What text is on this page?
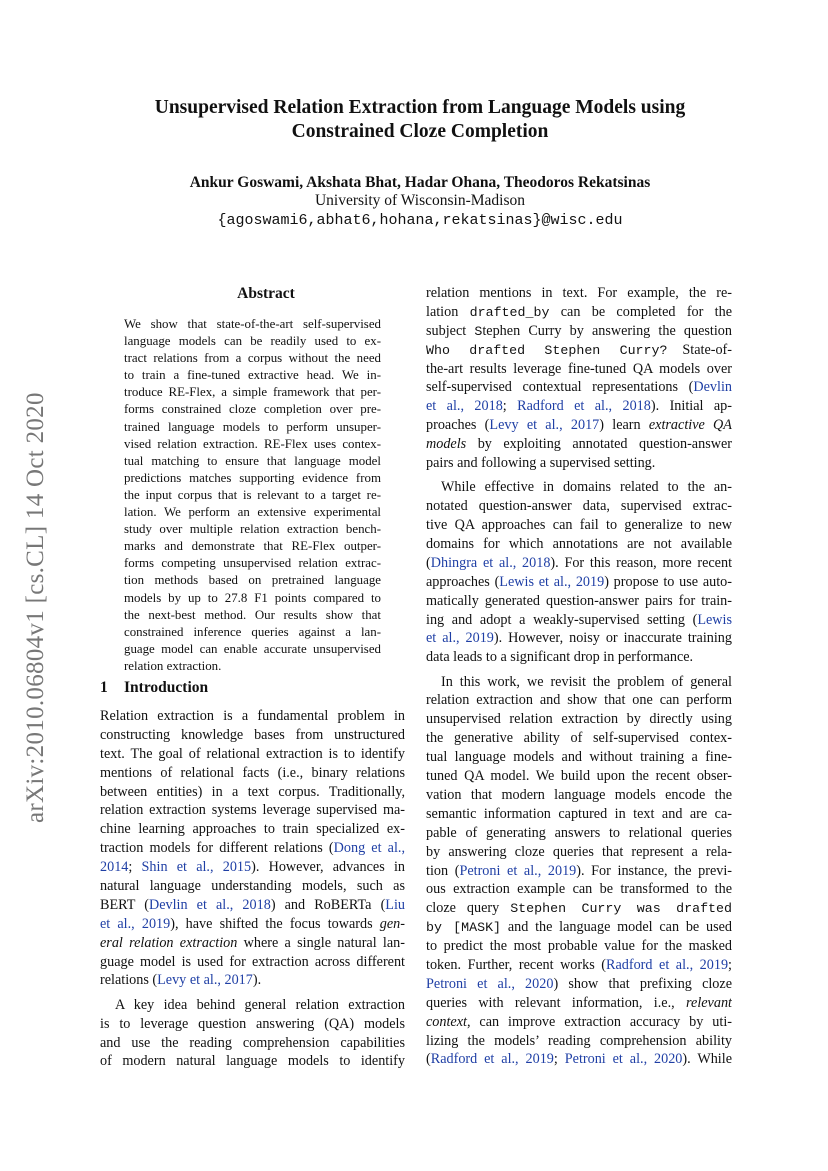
arXiv:2010.06804v1 [cs.CL] 14 Oct 2020
Unsupervised Relation Extraction from Language Models using
Constrained Cloze Completion
Ankur Goswami, Akshata Bhat, Hadar Ohana, Theodoros Rekatsinas
University of Wisconsin-Madison
{agoswami6,abhat6,hohana,rekatsinas}@wisc.edu
Abstract
We show that state-of-the-art self-supervised
language models can be readily used to ex-
tract relations from a corpus without the need
to train a fine-tuned extractive head. We in-
troduce RE-Flex, a simple framework that per-
forms constrained cloze completion over pre-
trained language models to perform unsuper-
vised relation extraction. RE-Flex uses contex-
tual matching to ensure that language model
predictions matches supporting evidence from
the input corpus that is relevant to a target re-
lation. We perform an extensive experimental
study over multiple relation extraction bench-
marks and demonstrate that RE-Flex outper-
forms competing unsupervised relation extrac-
tion methods based on pretrained language
models by up to 27.8 F1 points compared to
the next-best method. Our results show that
constrained inference queries against a lan-
guage model can enable accurate unsupervised
relation extraction.
1 Introduction
Relation extraction is a fundamental problem in
constructing knowledge bases from unstructured
text. The goal of relational extraction is to identify
mentions of relational facts (i.e., binary relations
between entities) in a text corpus. Traditionally,
relation extraction systems leverage supervised ma-
chine learning approaches to train specialized ex-
traction models for different relations (Dong et al.,
2014; Shin et al., 2015). However, advances in
natural language understanding models, such as
BERT (Devlin et al., 2018) and RoBERTa (Liu
et al., 2019), have shifted the focus towards gen-
eral relation extraction where a single natural lan-
guage model is used for extraction across different
relations (Levy et al., 2017).
A key idea behind general relation extraction
is to leverage question answering (QA) models
and use the reading comprehension capabilities
of modern natural language models to identify
relation mentions in text. For example, the re-
lation drafted_by can be completed for the
subject Stephen Curry by answering the question
Who drafted Stephen Curry? State-of-
the-art results leverage fine-tuned QA models over
self-supervised contextual representations (Devlin
et al., 2018; Radford et al., 2018). Initial ap-
proaches (Levy et al., 2017) learn extractive QA
models by exploiting annotated question-answer
pairs and following a supervised setting.
While effective in domains related to the an-
notated question-answer data, supervised extrac-
tive QA approaches can fail to generalize to new
domains for which annotations are not available
(Dhingra et al., 2018). For this reason, more recent
approaches (Lewis et al., 2019) propose to use auto-
matically generated question-answer pairs for train-
ing and adopt a weakly-supervised setting (Lewis
et al., 2019). However, noisy or inaccurate training
data leads to a significant drop in performance.
In this work, we revisit the problem of general
relation extraction and show that one can perform
unsupervised relation extraction by directly using
the generative ability of self-supervised contex-
tual language models and without training a fine-
tuned QA model. We build upon the recent obser-
vation that modern language models encode the
semantic information captured in text and are ca-
pable of generating answers to relational queries
by answering cloze queries that represent a rela-
tion (Petroni et al., 2019). For instance, the previ-
ous extraction example can be transformed to the
cloze query Stephen Curry was drafted
by [MASK] and the language model can be used
to predict the most probable value for the masked
token. Further, recent works (Radford et al., 2019;
Petroni et al., 2020) show that prefixing cloze
queries with relevant information, i.e., relevant
context, can improve extraction accuracy by uti-
lizing the models’ reading comprehension ability
(Radford et al., 2019; Petroni et al., 2020). While
